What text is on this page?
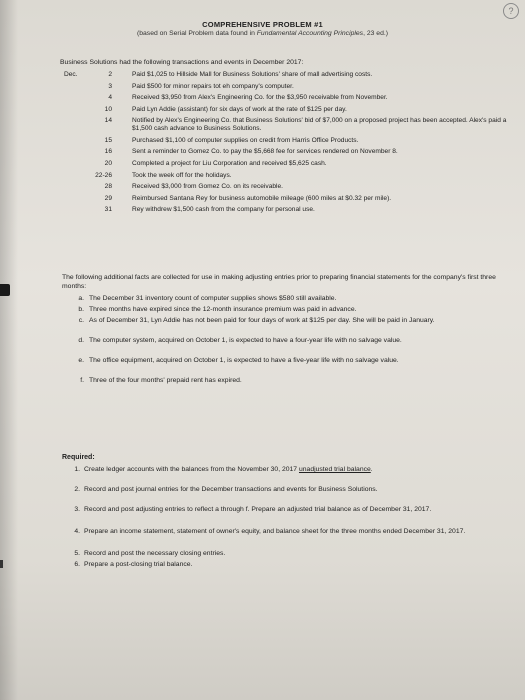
?
COMPREHENSIVE PROBLEM #1
(based on Serial Problem data found in Fundamental Accounting Principles, 23 ed.)
Business Solutions had the following transactions and events in December 2017:
Dec.	2	Paid $1,025 to Hillside Mall for Business Solutions' share of mall advertising costs.
3	Paid $500 for minor repairs tot eh company's computer.
4	Received $3,950 from Alex's Engineering Co. for the $3,950 receivable from November.
10	Paid Lyn Addie (assistant) for six days of work at the rate of $125 per day.
14	Notified by Alex's Engineering Co. that Business Solutions' bid of $7,000 on a proposed project has been accepted. Alex's paid a $1,500 cash advance to Business Solutions.
15	Purchased $1,100 of computer supplies on credit from Harris Office Products.
16	Sent a reminder to Gomez Co. to pay the $5,668 fee for services rendered on November 8.
20	Completed a project for Liu Corporation and received $5,625 cash.
22-26	Took the week off for the holidays.
28	Received $3,000 from Gomez Co. on its receivable.
29	Reimbursed Santana Rey for business automobile mileage (600 miles at $0.32 per mile).
31	Rey withdrew $1,500 cash from the company for personal use.
The following additional facts are collected for use in making adjusting entries prior to preparing financial statements for the company's first three months:
a. The December 31 inventory count of computer supplies shows $580 still available.
b. Three months have expired since the 12-month insurance premium was paid in advance.
c. As of December 31, Lyn Addie has not been paid for four days of work at $125 per day. She will be paid in January.
d. The computer system, acquired on October 1, is expected to have a four-year life with no salvage value.
e. The office equipment, acquired on October 1, is expected to have a five-year life with no salvage value.
f. Three of the four months' prepaid rent has expired.
Required:
1. Create ledger accounts with the balances from the November 30, 2017 unadjusted trial balance.
2. Record and post journal entries for the December transactions and events for Business Solutions.
3. Record and post adjusting entries to reflect a through f. Prepare an adjusted trial balance as of December 31, 2017.
4. Prepare an income statement, statement of owner's equity, and balance sheet for the three months ended December 31, 2017.
5. Record and post the necessary closing entries.
6. Prepare a post-closing trial balance.
